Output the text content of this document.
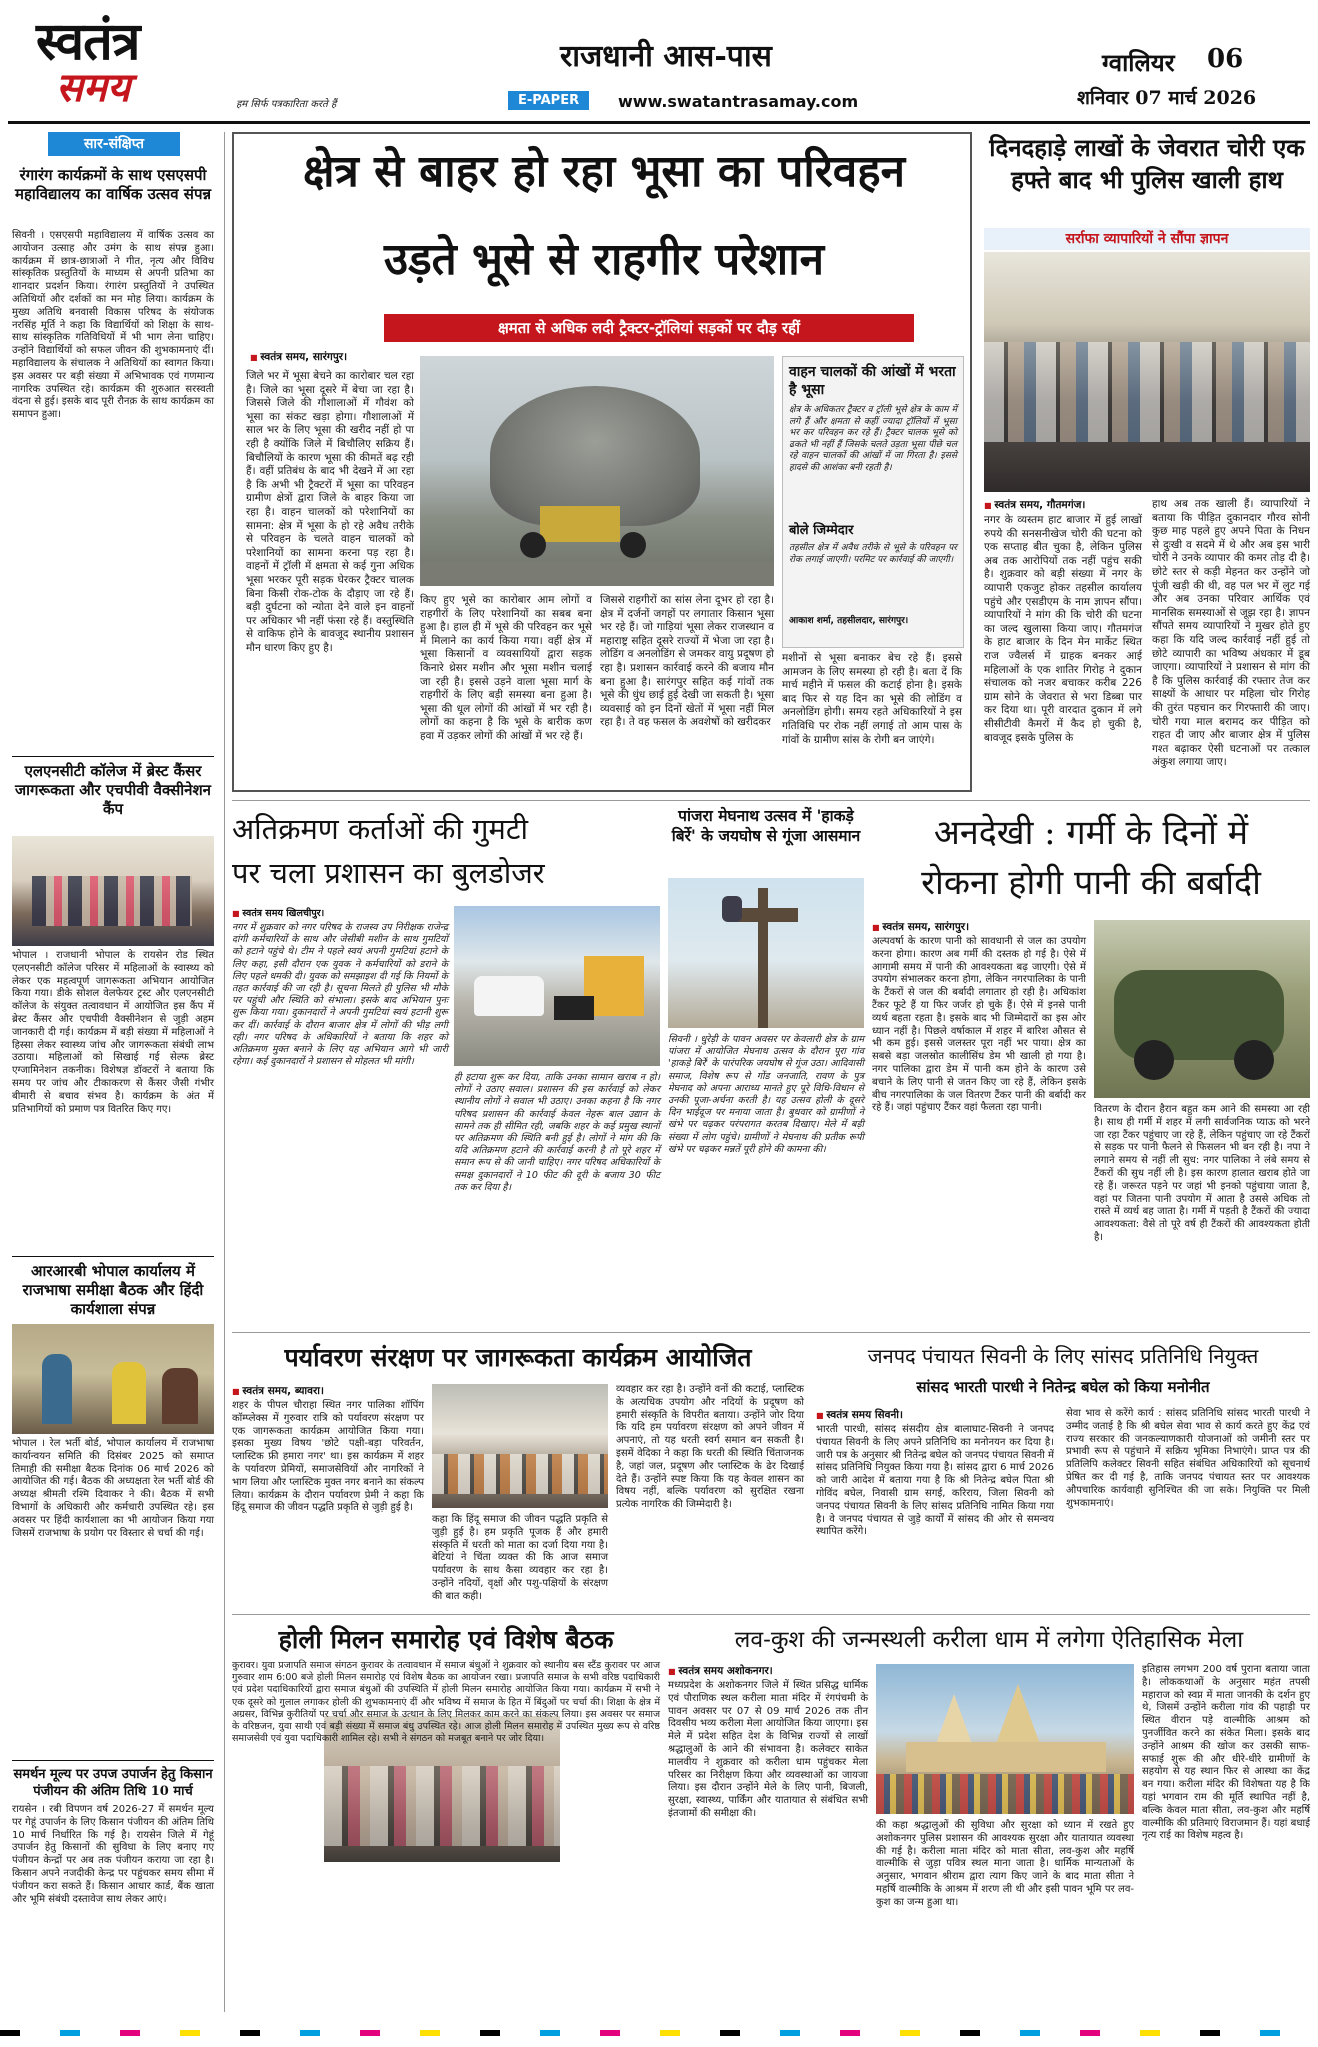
स्वतंत्र
समय	हम सिर्फ पत्रकारिता करते हैं
राजधानी आस-पास
E-PAPER	www.swatantrasamay.com
ग्वालियर 06
शनिवार 07 मार्च 2026
सार-संक्षिप्त
रंगारंग कार्यक्रमों के साथ एसएसपी महाविद्यालय का वार्षिक उत्सव संपन्न
सिवनी । एसएसपी महाविद्यालय में वार्षिक उत्सव का आयोजन उत्साह और उमंग के साथ संपन्न हुआ। कार्यक्रम में छात्र-छात्राओं ने गीत, नृत्य और विविध सांस्कृतिक प्रस्तुतियों के माध्यम से अपनी प्रतिभा का शानदार प्रदर्शन किया। रंगारंग प्रस्तुतियों ने उपस्थित अतिथियों और दर्शकों का मन मोह लिया। कार्यक्रम के मुख्य अतिथि बनवासी विकास परिषद के संयोजक नरसिंह मूर्ति ने कहा कि विद्यार्थियों को शिक्षा के साथ-साथ सांस्कृतिक गतिविधियों में भी भाग लेना चाहिए। उन्होंने विद्यार्थियों को सफल जीवन की शुभकामनाएं दीं। महाविद्यालय के संचालक ने अतिथियों का स्वागत किया। इस अवसर पर बड़ी संख्या में अभिभावक एवं गणमान्य नागरिक उपस्थित रहे। कार्यक्रम की शुरुआत सरस्वती वंदना से हुई। इसके बाद पूरी रौनक़ के साथ कार्यक्रम का समापन हुआ।
एलएनसीटी कॉलेज में ब्रेस्ट कैंसर जागरूकता और एचपीवी वैक्सीनेशन कैंप
भोपाल । राजधानी भोपाल के रायसेन रोड स्थित एलएनसीटी कॉलेज परिसर में महिलाओं के स्वास्थ्य को लेकर एक महत्वपूर्ण जागरूकता अभियान आयोजित किया गया। डीके सोशल वेलफेयर ट्रस्ट और एलएनसीटी कॉलेज के संयुक्त तत्वावधान में आयोजित इस कैंप में ब्रेस्ट कैंसर और एचपीवी वैक्सीनेशन से जुड़ी अहम जानकारी दी गई। कार्यक्रम में बड़ी संख्या में महिलाओं ने हिस्सा लेकर स्वास्थ्य जांच और जागरूकता संबंधी लाभ उठाया। महिलाओं को सिखाई गई सेल्फ ब्रेस्ट एग्जामिनेशन तकनीक। विशेषज्ञ डॉक्टरों ने बताया कि समय पर जांच और टीकाकरण से कैंसर जैसी गंभीर बीमारी से बचाव संभव है। कार्यक्रम के अंत में प्रतिभागियों को प्रमाण पत्र वितरित किए गए।
आरआरबी भोपाल कार्यालय में राजभाषा समीक्षा बैठक और हिंदी कार्यशाला संपन्न
भोपाल । रेल भर्ती बोर्ड, भोपाल कार्यालय में राजभाषा कार्यान्वयन समिति की दिसंबर 2025 को समाप्त तिमाही की समीक्षा बैठक दिनांक 06 मार्च 2026 को आयोजित की गई। बैठक की अध्यक्षता रेल भर्ती बोर्ड की अध्यक्ष श्रीमती रश्मि दिवाकर ने की। बैठक में सभी विभागों के अधिकारी और कर्मचारी उपस्थित रहे। इस अवसर पर हिंदी कार्यशाला का भी आयोजन किया गया जिसमें राजभाषा के प्रयोग पर विस्तार से चर्चा की गई।
समर्थन मूल्य पर उपज उपार्जन हेतु किसान पंजीयन की अंतिम तिथि 10 मार्च
रायसेन । रबी विपणन वर्ष 2026-27 में समर्थन मूल्य पर गेहूं उपार्जन के लिए किसान पंजीयन की अंतिम तिथि 10 मार्च निर्धारित कि गई है। रायसेन जिले में गेहूं उपार्जन हेतु किसानों की सुविधा के लिए बनाए गए पंजीयन केन्द्रों पर अब तक पंजीयन कराया जा रहा है। किसान अपने नजदीकी केन्द्र पर पहुंचकर समय सीमा में पंजीयन करा सकते हैं। किसान आधार कार्ड, बैंक खाता और भूमि संबंधी दस्तावेज साथ लेकर आएं।
क्षेत्र से बाहर हो रहा भूसा का परिवहन
उड़ते भूसे से राहगीर परेशान
क्षमता से अधिक लदी ट्रैक्टर-ट्रॉलियां सड़कों पर दौड़ रहीं
■ स्वतंत्र समय, सारंगपुर।
जिले भर में भूसा बेचने का कारोबार चल रहा है। जिले का भूसा दूसरे में बेचा जा रहा है। जिससे जिले की गौशालाओं में गौवंश को भूसा का संकट खड़ा होगा। गौशालाओं में साल भर के लिए भूसा की खरीद नहीं हो पा रही है क्योंकि जिले में बिचौलिए सक्रिय हैं। बिचौलियों के कारण भूसा की कीमतें बढ़ रही हैं। वहीं प्रतिबंध के बाद भी देखने में आ रहा है कि अभी भी ट्रैक्टरों में भूसा का परिवहन ग्रामीण क्षेत्रों द्वारा जिले के बाहर किया जा रहा है। वाहन चालकों को परेशानियों का सामना: क्षेत्र में भूसा के हो रहे अवैध तरीके से परिवहन के चलते वाहन चालकों को परेशानियों का सामना करना पड़ रहा है। वाहनों में ट्रॉली में क्षमता से कई गुना अधिक भूसा भरकर पूरी सड़क घेरकर ट्रैक्टर चालक बिना किसी रोक-टोक के दौड़ाए जा रहे हैं। बड़ी दुर्घटना को न्योता देने वाले इन वाहनों पर अधिकार भी नहीं फंसा रहे हैं। वस्तुस्थिति से वाकिफ होने के बावजूद स्थानीय प्रशासन मौन धारण किए हुए है।
किए हुए भूसे का कारोबार आम लोगों व राहगीरों के लिए परेशानियों का सबब बना हुआ है। हाल ही में भूसे की परिवहन कर भूसे में मिलाने का कार्य किया गया। वहीं क्षेत्र में भूसा किसानों व व्यवसायियों द्वारा सड़क किनारे थ्रेसर मशीन और भूसा मशीन चलाई जा रही है। इससे उड़ने वाला भूसा मार्ग के राहगीरों के लिए बड़ी समस्या बना हुआ है। भूसा की धूल लोगों की आंखों में भर रही है। लोगों का कहना है कि भूसे के बारीक कण हवा में उड़कर लोगों की आंखों में भर रहे हैं।
जिससे राहगीरों का सांस लेना दूभर हो रहा है। क्षेत्र में दर्जनों जगहों पर लगातार किसान भूसा भर रहे हैं। जो गाड़ियां भूसा लेकर राजस्थान व महाराष्ट्र सहित दूसरे राज्यों में भेजा जा रहा है। लोडिंग व अनलोडिंग से जमकर वायु प्रदूषण हो रहा है। प्रशासन कार्रवाई करने की बजाय मौन बना हुआ है। सारंगपुर सहित कई गांवों तक भूसे की धुंध छाई हुई देखी जा सकती है। भूसा व्यवसाई को इन दिनों खेतों में भूसा नहीं मिल रहा है। ते वह फसल के अवशेषों को खरीदकर
वाहन चालकों की आंखों में भरता है भूसा
क्षेत्र के अधिकतर ट्रैक्टर व ट्रॉली भूसे क्षेत्र के काम में लगे हैं और क्षमता से कहीं ज्यादा ट्रॉलियों में भूसा भर कर परिवहन कर रहे हैं। ट्रैक्टर चालक भूसे को ढकते भी नहीं हैं जिसके चलते उड़ता भूसा पीछे चल रहे वाहन चालकों की आंखों में जा गिरता है। इससे हादसे की आशंका बनी रहती है।
बोले जिम्मेदार
तहसील क्षेत्र में अवैध तरीके से भूसे के परिवहन पर रोक लगाई जाएगी। परमिट पर कार्रवाई की जाएगी।
आकाश शर्मा, तहसीलदार, सारंगपुर।
मशीनों से भूसा बनाकर बेच रहे हैं। इससे आमजन के लिए समस्या हो रही है। बता दें कि मार्च महीने में फसल की कटाई होना है। इसके बाद फिर से यह दिन का भूसे की लोडिंग व अनलोडिंग होगी। समय रहते अधिकारियों ने इस गतिविधि पर रोक नहीं लगाई तो आम पास के गांवों के ग्रामीण सांस के रोगी बन जाएंगे।
दिनदहाड़े लाखों के जेवरात चोरी एक हफ्ते बाद भी पुलिस खाली हाथ
सर्राफा व्यापारियों ने सौंपा ज्ञापन
■ स्वतंत्र समय, गौतमगंज।
नगर के व्यस्तम हाट बाजार में हुई लाखों रुपये की सनसनीखेज चोरी की घटना को एक सप्ताह बीत चुका है, लेकिन पुलिस अब तक आरोपियों तक नहीं पहुंच सकी है। शुक्रवार को बड़ी संख्या में नगर के व्यापारी एकजुट होकर तहसील कार्यालय पहुंचे और एसडीएम के नाम ज्ञापन सौंपा। व्यापारियों ने मांग की कि चोरी की घटना का जल्द खुलासा किया जाए। गौतमगंज के हाट बाजार के दिन मेन मार्केट स्थित राज ज्वैलर्स में ग्राहक बनकर आई महिलाओं के एक शातिर गिरोह ने दुकान संचालक को नजर बचाकर करीब 226 ग्राम सोने के जेवरात से भरा डिब्बा पार कर दिया था। पूरी वारदात दुकान में लगे सीसीटीवी कैमरों में कैद हो चुकी है, बावजूद इसके पुलिस के
हाथ अब तक खाली हैं। व्यापारियों ने बताया कि पीड़ित दुकानदार गौरव सोनी कुछ माह पहले हुए अपने पिता के निधन से दुःखी व सदमे में थे और अब इस भारी चोरी ने उनके व्यापार की कमर तोड़ दी है। छोटे स्तर से कड़ी मेहनत कर उन्होंने जो पूंजी खड़ी की थी, वह पल भर में लुट गई और अब उनका परिवार आर्थिक एवं मानसिक समस्याओं से जूझ रहा है। ज्ञापन सौंपते समय व्यापारियों ने मुखर होते हुए कहा कि यदि जल्द कार्रवाई नहीं हुई तो छोटे व्यापारी का भविष्य अंधकार में डूब जाएगा। व्यापारियों ने प्रशासन से मांग की है कि पुलिस कार्रवाई की रफ्तार तेज कर साक्ष्यों के आधार पर महिला चोर गिरोह की तुरंत पहचान कर गिरफ्तारी की जाए। चोरी गया माल बरामद कर पीड़ित को राहत दी जाए और बाजार क्षेत्र में पुलिस गश्त बढ़ाकर ऐसी घटनाओं पर तत्काल अंकुश लगाया जाए।
अतिक्रमण कर्ताओं की गुमटी
पर चला प्रशासन का बुलडोजर
■ स्वतंत्र समय खिलचीपुर।
नगर में शुक्रवार को नगर परिषद के राजस्व उप निरीक्षक राजेन्द्र दांगी कर्मचारियों के साथ और जेसीबी मशीन के साथ गुमटियों को हटाने पहुंचे थे। टीम ने पहले स्वयं अपनी गुमटियां हटाने के लिए कहा, इसी दौरान एक युवक ने कर्मचारियों को डराने के लिए पहले धमकी दी। युवक को समझाइश दी गई कि नियमों के तहत कार्रवाई की जा रही है। सूचना मिलते ही पुलिस भी मौके पर पहुंची और स्थिति को संभाला। इसके बाद अभियान पुनः शुरू किया गया। दुकानदारों ने अपनी गुमटियां स्वयं हटानी शुरू कर दीं। कार्रवाई के दौरान बाजार क्षेत्र में लोगों की भीड़ लगी रही। नगर परिषद के अधिकारियों ने बताया कि शहर को अतिक्रमण मुक्त बनाने के लिए यह अभियान आगे भी जारी रहेगा। कई दुकानदारों ने प्रशासन से मोहलत भी मांगी।
ही हटाया शुरू कर दिया, ताकि उनका सामान खराब न हो। लोगों ने उठाए सवाल। प्रशासन की इस कार्रवाई को लेकर स्थानीय लोगों ने सवाल भी उठाए। उनका कहना है कि नगर परिषद प्रशासन की कार्रवाई केवल नेहरू बाल उद्यान के सामने तक ही सीमित रही, जबकि शहर के कई प्रमुख स्थानों पर अतिक्रमण की स्थिति बनी हुई है। लोगों ने मांग की कि यदि अतिक्रमण हटाने की कार्रवाई करनी है तो पूरे शहर में समान रूप से की जानी चाहिए। नगर परिषद अधिकारियों के समक्ष दुकानदारों ने 10 फीट की दूरी के बजाय 30 फीट तक कर दिया है।
पांजरा मेघनाथ उत्सव में 'हाकड़े बिर्रे' के जयघोष से गूंजा आसमान
सिवनी । धुरेड़ी के पावन अवसर पर केवलारी क्षेत्र के ग्राम पांजरा में आयोजित मेघनाथ उत्सव के दौरान पूरा गांव 'हाकड़े बिर्रे' के पारंपरिक जयघोष से गूंज उठा। आदिवासी समाज, विशेष रूप से गोंड जनजाति, रावण के पुत्र मेघनाद को अपना आराध्य मानते हुए पूरे विधि-विधान से उनकी पूजा-अर्चना करती है। यह उत्सव होली के दूसरे दिन भाईदूज पर मनाया जाता है। बुधवार को ग्रामीणों ने खंभे पर चढ़कर परंपरागत करतब दिखाए। मेले में बड़ी संख्या में लोग पहुंचे। ग्रामीणों ने मेघनाथ की प्रतीक रूपी खंभे पर चढ़कर मन्नतें पूरी होने की कामना की।
अनदेखी : गर्मी के दिनों में
रोकना होगी पानी की बर्बादी
■ स्वतंत्र समय, सारंगपुर।
अल्पवर्षा के कारण पानी को सावधानी से जल का उपयोग करना होगा। कारण अब गर्मी की दस्तक हो गई है। ऐसे में आगामी समय में पानी की आवश्यकता बढ़ जाएगी। ऐसे में उपयोग संभालकर करना होगा, लेकिन नगरपालिका के पानी के टैंकरों से जल की बर्बादी लगातार हो रही है। अधिकांश टैंकर फूटे हैं या फिर जर्जर हो चुके हैं। ऐसे में इनसे पानी व्यर्थ बहता रहता है। इसके बाद भी जिम्मेदारों का इस ओर ध्यान नहीं है। पिछले वर्षाकाल में शहर में बारिश औसत से भी कम हुई। इससे जलस्तर पूरा नहीं भर पाया। क्षेत्र का सबसे बड़ा जलस्रोत कालीसिंध डेम भी खाली हो गया है। नगर पालिका द्वारा डेम में पानी कम होने के कारण उसे बचाने के लिए पानी से जतन किए जा रहे हैं, लेकिन इसके बीच नगरपालिका के जल वितरण टैंकर पानी की बर्बादी कर रहे हैं। जहां पहुंचाए टैंकर वहां फैलता रहा पानी।	वितरण के दौरान हैरान बहुत कम आने की समस्या आ रही है। साथ ही गर्मी में शहर में लगी सार्वजनिक प्याऊ को भरने जा रहा टैंकर पहुंचाए जा रहे हैं, लेकिन पहुंचाए जा रहे टैंकरों से सड़क पर पानी फैलने से फिसलन भी बन रही है। नपा ने लगाने समय से नहीं ली सुध: नगर पालिका ने लंबे समय से टैंकरों की सुध नहीं ली है। इस कारण हालात खराब होते जा रहे हैं। जरूरत पड़ने पर जहां भी इनको पहुंचाया जाता है, वहां पर जितना पानी उपयोग में आता है उससे अधिक तो रास्ते में व्यर्थ बह जाता है। गर्मी में पड़ती है टैंकरों की ज्यादा आवश्यकता: वैसे तो पूरे वर्ष ही टैंकरों की आवश्यकता होती है।
पर्यावरण संरक्षण पर जागरूकता कार्यक्रम आयोजित
■ स्वतंत्र समय, ब्यावरा।
शहर के पीपल चौराहा स्थित नगर पालिका शॉपिंग कॉम्प्लेक्स में गुरुवार रात्रि को पर्यावरण संरक्षण पर एक जागरूकता कार्यक्रम आयोजित किया गया। इसका मुख्य विषय 'छोटे पक्षी-बड़ा परिवर्तन, प्लास्टिक फ्री हमारा नगर' था। इस कार्यक्रम में शहर के पर्यावरण प्रेमियों, समाजसेवियों और नागरिकों ने भाग लिया और प्लास्टिक मुक्त नगर बनाने का संकल्प लिया। कार्यक्रम के दौरान पर्यावरण प्रेमी ने कहा कि हिंदू समाज की जीवन पद्धति प्रकृति से जुड़ी हुई है।
कहा कि हिंदू समाज की जीवन पद्धति प्रकृति से जुड़ी हुई है। हम प्रकृति पूजक हैं और हमारी संस्कृति में धरती को माता का दर्जा दिया गया है। बेटियां ने चिंता व्यक्त की कि आज समाज पर्यावरण के साथ कैसा व्यवहार कर रहा है। उन्होंने नदियों, वृक्षों और पशु-पक्षियों के संरक्षण की बात कही।
व्यवहार कर रहा है। उन्होंने वनों की कटाई, प्लास्टिक के अत्यधिक उपयोग और नदियों के प्रदूषण को हमारी संस्कृति के विपरीत बताया। उन्होंने जोर दिया कि यदि हम पर्यावरण संरक्षण को अपने जीवन में अपनाएं, तो यह धरती स्वर्ग समान बन सकती है। इसमें वेदिका ने कहा कि धरती की स्थिति चिंताजनक है, जहां जल, प्रदूषण और प्लास्टिक के ढेर दिखाई देते हैं। उन्होंने स्पष्ट किया कि यह केवल शासन का विषय नहीं, बल्कि पर्यावरण को सुरक्षित रखना प्रत्येक नागरिक की जिम्मेदारी है।
जनपद पंचायत सिवनी के लिए सांसद प्रतिनिधि नियुक्त
सांसद भारती पारधी ने नितेन्द्र बघेल को किया मनोनीत
■ स्वतंत्र समय सिवनी।
भारती पारधी, सांसद संसदीय क्षेत्र बालाघाट-सिवनी ने जनपद पंचायत सिवनी के लिए अपने प्रतिनिधि का मनोनयन कर दिया है। जारी पत्र के अनुसार श्री नितेन्द्र बघेल को जनपद पंचायत सिवनी में सांसद प्रतिनिधि नियुक्त किया गया है। सांसद द्वारा 6 मार्च 2026 को जारी आदेश में बताया गया है कि श्री नितेन्द्र बघेल पिता श्री गोविंद बघेल, निवासी ग्राम सगई, करिराय, जिला सिवनी को जनपद पंचायत सिवनी के लिए सांसद प्रतिनिधि नामित किया गया है। वे जनपद पंचायत से जुड़े कार्यों में सांसद की ओर से समन्वय स्थापित करेंगे।
सेवा भाव से करेंगे कार्य : सांसद प्रतिनिधि सांसद भारती पारधी ने उम्मीद जताई है कि श्री बघेल सेवा भाव से कार्य करते हुए केंद्र एवं राज्य सरकार की जनकल्याणकारी योजनाओं को जमीनी स्तर पर प्रभावी रूप से पहुंचाने में सक्रिय भूमिका निभाएंगे। प्राप्त पत्र की प्रतिलिपि कलेक्टर सिवनी सहित संबंधित अधिकारियों को सूचनार्थ प्रेषित कर दी गई है, ताकि जनपद पंचायत स्तर पर आवश्यक औपचारिक कार्यवाही सुनिश्चित की जा सके। नियुक्ति पर मिली शुभकामनाएं।
होली मिलन समारोह एवं विशेष बैठक
कुरावर। युवा प्रजापति समाज संगठन कुरावर के तत्वावधान में समाज बंधुओं ने शुक्रवार को स्थानीय बस स्टैंड कुरावर पर आज गुरुवार शाम 6:00 बजे होली मिलन समारोह एवं विशेष बैठक का आयोजन रखा। प्रजापति समाज के सभी वरिष्ठ पदाधिकारी एवं प्रदेश पदाधिकारियों द्वारा समाज बंधुओं की उपस्थिति में होली मिलन समारोह आयोजित किया गया। कार्यक्रम में सभी ने एक दूसरे को गुलाल लगाकर होली की शुभकामनाएं दीं और भविष्य में समाज के हित में बिंदुओं पर चर्चा की। शिक्षा के क्षेत्र में अग्रसर, विभिन्न कुरीतियों पर चर्चा और समाज के उत्थान के लिए मिलकर काम करने का संकल्प लिया। इस अवसर पर समाज के वरिष्ठजन, युवा साथी एवं बड़ी संख्या में समाज बंधु उपस्थित रहे। आज होली मिलन समारोह में उपस्थित मुख्य रूप से वरिष्ठ समाजसेवी एवं युवा पदाधिकारी शामिल रहे। सभी ने संगठन को मजबूत बनाने पर जोर दिया।
लव-कुश की जन्मस्थली करीला धाम में लगेगा ऐतिहासिक मेला
■ स्वतंत्र समय अशोकनगर।
मध्यप्रदेश के अशोकनगर जिले में स्थित प्रसिद्ध धार्मिक एवं पौराणिक स्थल करीला माता मंदिर में रंगपंचमी के पावन अवसर पर 07 से 09 मार्च 2026 तक तीन दिवसीय भव्य करीला मेला आयोजित किया जाएगा। इस मेले में प्रदेश सहित देश के विभिन्न राज्यों से लाखों श्रद्धालुओं के आने की संभावना है। कलेक्टर साकेत मालवीय ने शुक्रवार को करीला धाम पहुंचकर मेला परिसर का निरीक्षण किया और व्यवस्थाओं का जायजा लिया। इस दौरान उन्होंने मेले के लिए पानी, बिजली, सुरक्षा, स्वास्थ्य, पार्किंग और यातायात से संबंधित सभी इंतजामों की समीक्षा की।
की कहा श्रद्धालुओं की सुविधा और सुरक्षा को ध्यान में रखते हुए अशोकनगर पुलिस प्रशासन की आवश्यक सुरक्षा और यातायात व्यवस्था की गई है। करीला माता मंदिर को माता सीता, लव-कुश और महर्षि वाल्मीकि से जुड़ा पवित्र स्थल माना जाता है। धार्मिक मान्यताओं के अनुसार, भगवान श्रीराम द्वारा त्याग किए जाने के बाद माता सीता ने महर्षि वाल्मीकि के आश्रम में शरण ली थी और इसी पावन भूमि पर लव-कुश का जन्म हुआ था।
इतिहास लगभग 200 वर्ष पुराना बताया जाता है। लोककथाओं के अनुसार महंत तपसी महाराज को स्वप्न में माता जानकी के दर्शन हुए थे, जिसमें उन्होंने करीला गांव की पहाड़ी पर स्थित वीरान पड़े वाल्मीकि आश्रम को पुनर्जीवित करने का संकेत मिला। इसके बाद उन्होंने आश्रम की खोज कर उसकी साफ-सफाई शुरू की और धीरे-धीरे ग्रामीणों के सहयोग से यह स्थान फिर से आस्था का केंद्र बन गया। करीला मंदिर की विशेषता यह है कि यहां भगवान राम की मूर्ति स्थापित नहीं है, बल्कि केवल माता सीता, लव-कुश और महर्षि वाल्मीकि की प्रतिमाएं विराजमान हैं। यहां बधाई नृत्य राई का विशेष महत्व है।
